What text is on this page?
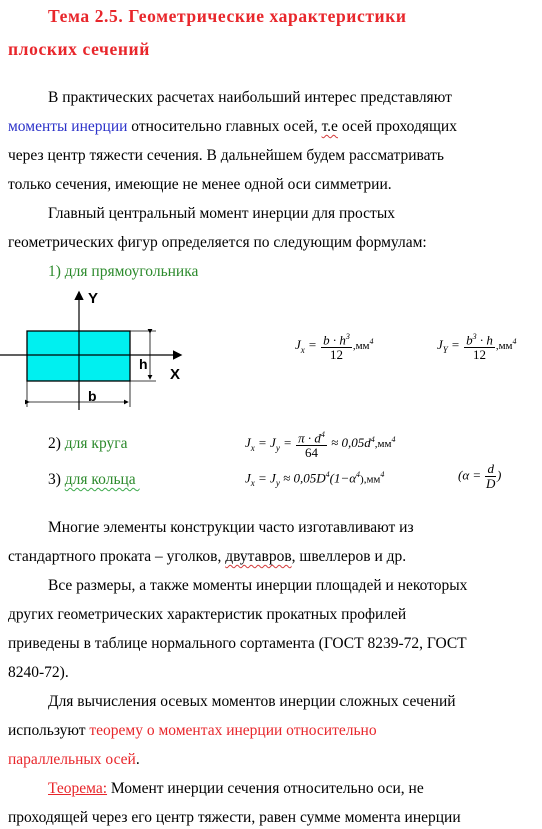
Тема 2.5. Геометрические характеристики
плоских сечений
В практических расчетах наибольший интерес представляют
моменты инерции относительно главных осей, т.е осей проходящих
через центр тяжести сечения. В дальнейшем будем рассматривать
только сечения, имеющие не менее одной оси симметрии.
Главный центральный момент инерции для простых
геометрических фигур определяется по следующим формулам:
1) для прямоугольника
Y
X
h
b
$J_x = \frac{b \cdot h^3}{12} ,мм^4$	$J_Y = \frac{b^3 \cdot h}{12} ,мм^4$
2) для круга	$J_x = J_y = \frac{\pi \cdot d^4}{64} \approx 0,05d^4,мм^4$
3) для кольца	$J_x = J_y \approx 0,05D^4(1-\alpha^4),мм^4$	($\alpha = \frac{d}{D}$ )
Многие элементы конструкции часто изготавливают из
стандартного проката – уголков, двутавров, швеллеров и др.
Все размеры, а также моменты инерции площадей и некоторых
других геометрических характеристик прокатных профилей
приведены в таблице нормального сортамента (ГОСТ 8239-72, ГОСТ
8240-72).
Для вычисления осевых моментов инерции сложных сечений
используют теорему о моментах инерции относительно
параллельных осей.
Теорема: Момент инерции сечения относительно оси, не
проходящей через его центр тяжести, равен сумме момента инерции
